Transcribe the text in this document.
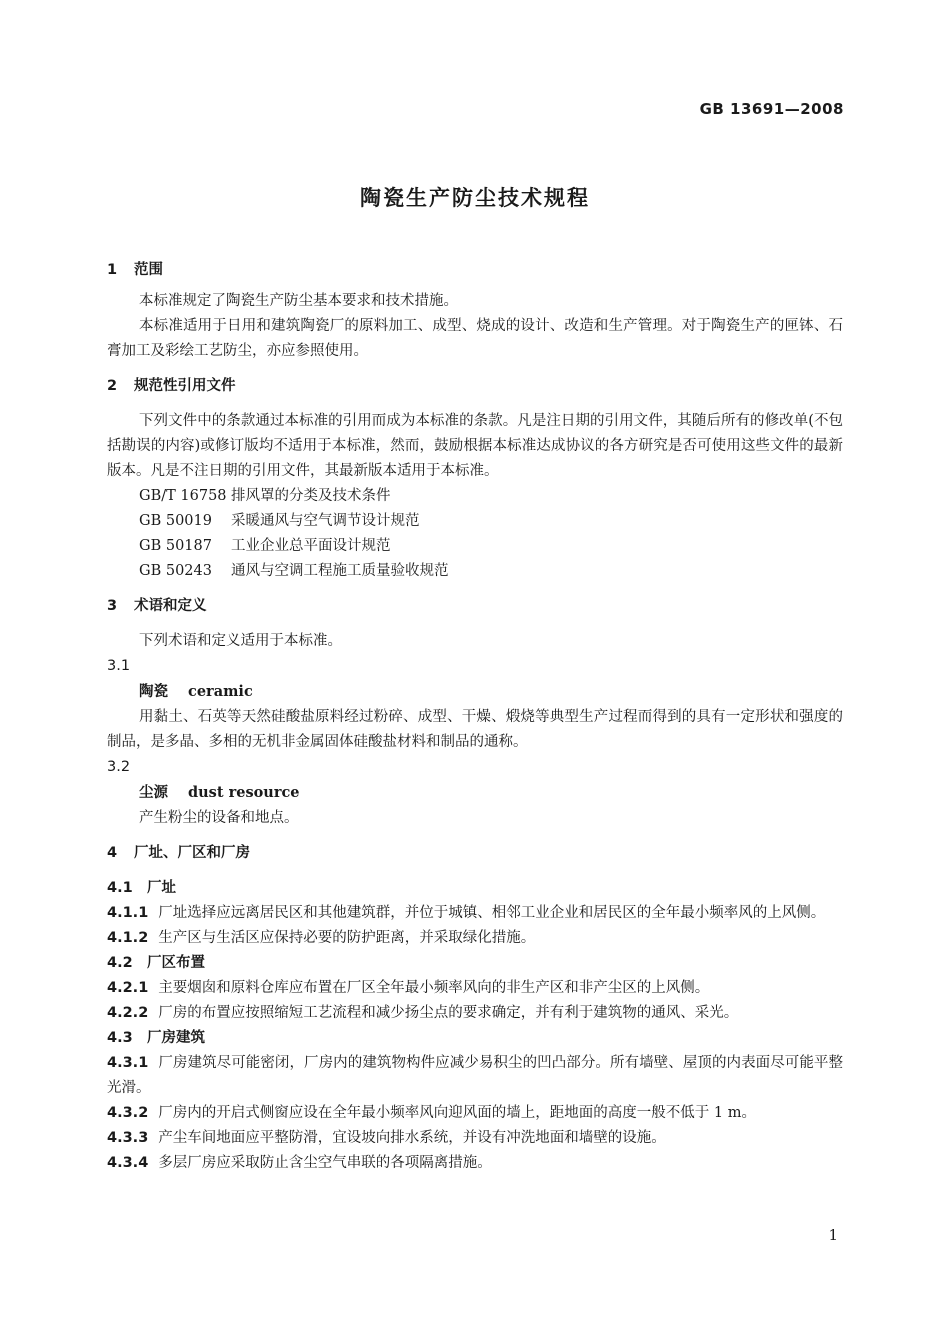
GB 13691—2008
陶瓷生产防尘技术规程
1 范围

本标准规定了陶瓷生产防尘基本要求和技术措施。

本标准适用于日用和建筑陶瓷厂的原料加工、成型、烧成的设计、改造和生产管理。对于陶瓷生产的匣钵、石膏加工及彩绘工艺防尘，亦应参照使用。

2 规范性引用文件

下列文件中的条款通过本标准的引用而成为本标准的条款。凡是注日期的引用文件，其随后所有的修改单(不包括勘误的内容)或修订版均不适用于本标准，然而，鼓励根据本标准达成协议的各方研究是否可使用这些文件的最新版本。凡是不注日期的引用文件，其最新版本适用于本标准。

GB/T 16758 排风罩的分类及技术条件

GB 50019 采暖通风与空气调节设计规范

GB 50187 工业企业总平面设计规范

GB 50243 通风与空调工程施工质量验收规范

3 术语和定义

下列术语和定义适用于本标准。

3.1

陶瓷 ceramic

用黏土、石英等天然硅酸盐原料经过粉碎、成型、干燥、煅烧等典型生产过程而得到的具有一定形状和强度的制品，是多晶、多相的无机非金属固体硅酸盐材料和制品的通称。

3.2

尘源 dust resource

产生粉尘的设备和地点。

4 厂址、厂区和厂房

4.1 厂址

4.1.1 厂址选择应远离居民区和其他建筑群，并位于城镇、相邻工业企业和居民区的全年最小频率风的上风侧。

4.1.2 生产区与生活区应保持必要的防护距离，并采取绿化措施。

4.2 厂区布置

4.2.1 主要烟囱和原料仓库应布置在厂区全年最小频率风向的非生产区和非产尘区的上风侧。

4.2.2 厂房的布置应按照缩短工艺流程和减少扬尘点的要求确定，并有利于建筑物的通风、采光。

4.3 厂房建筑

4.3.1 厂房建筑尽可能密闭，厂房内的建筑物构件应减少易积尘的凹凸部分。所有墙壁、屋顶的内表面尽可能平整光滑。

4.3.2 厂房内的开启式侧窗应设在全年最小频率风向迎风面的墙上，距地面的高度一般不低于 1 m。

4.3.3 产尘车间地面应平整防滑，宜设坡向排水系统，并设有冲洗地面和墙壁的设施。

4.3.4 多层厂房应采取防止含尘空气串联的各项隔离措施。

1
